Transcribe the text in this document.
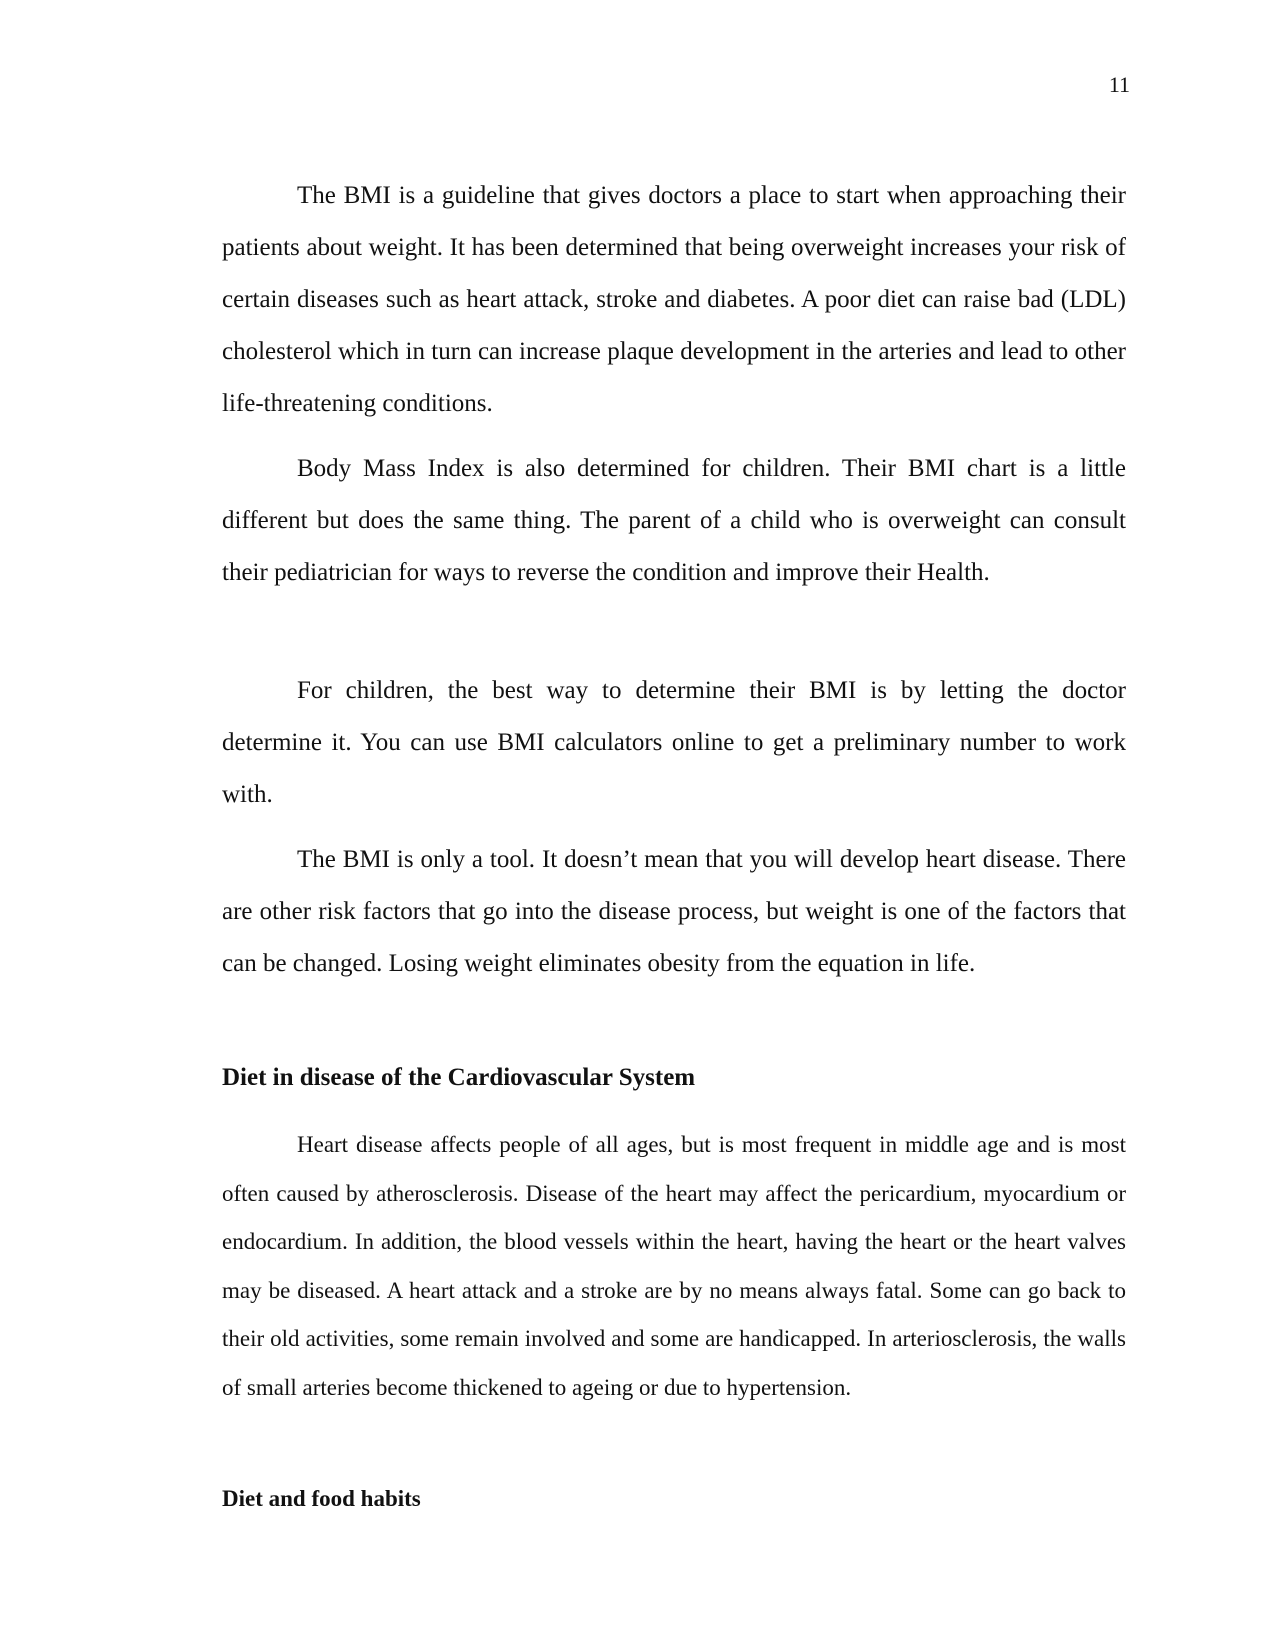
11

The BMI is a guideline that gives doctors a place to start when approaching their patients about weight. It has been determined that being overweight increases your risk of certain diseases such as heart attack, stroke and diabetes. A poor diet can raise bad (LDL) cholesterol which in turn can increase plaque development in the arteries and lead to other life-threatening conditions.

Body Mass Index is also determined for children. Their BMI chart is a little different but does the same thing. The parent of a child who is overweight can consult their pediatrician for ways to reverse the condition and improve their Health.

For children, the best way to determine their BMI is by letting the doctor determine it. You can use BMI calculators online to get a preliminary number to work with.

The BMI is only a tool. It doesn’t mean that you will develop heart disease. There are other risk factors that go into the disease process, but weight is one of the factors that can be changed. Losing weight eliminates obesity from the equation in life.

Diet in disease of the Cardiovascular System

Heart disease affects people of all ages, but is most frequent in middle age and is most often caused by atherosclerosis. Disease of the heart may affect the pericardium, myocardium or endocardium. In addition, the blood vessels within the heart, having the heart or the heart valves may be diseased. A heart attack and a stroke are by no means always fatal. Some can go back to their old activities, some remain involved and some are handicapped. In arteriosclerosis, the walls of small arteries become thickened to ageing or due to hypertension.

Diet and food habits
